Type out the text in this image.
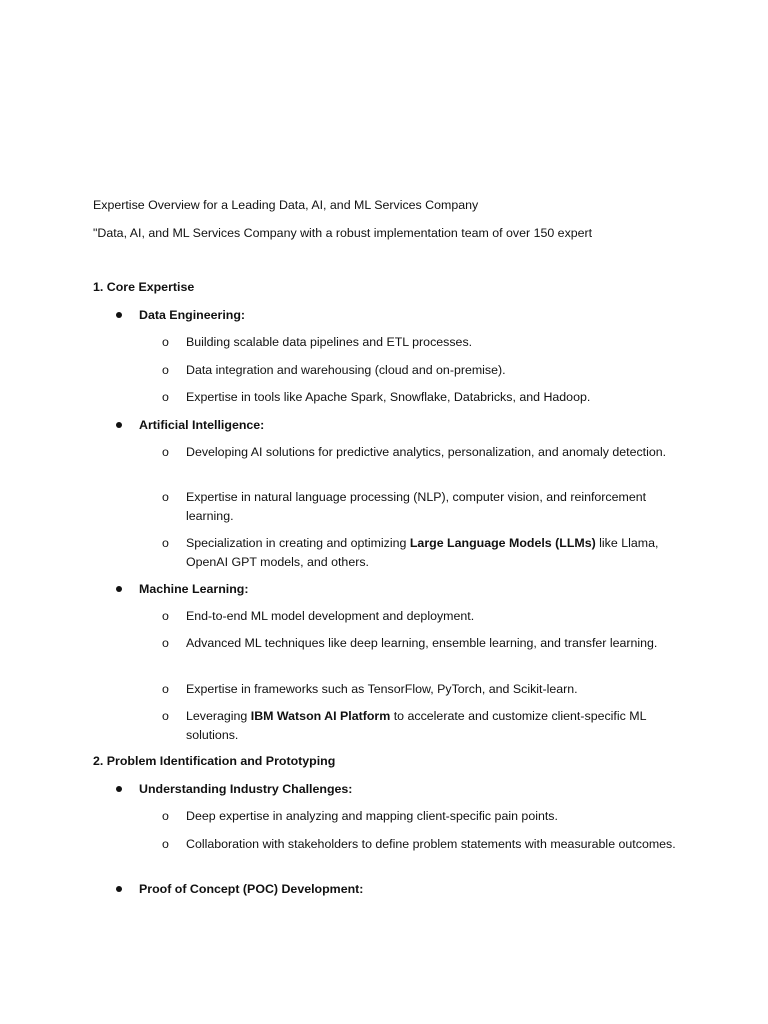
Expertise Overview for a Leading Data, AI, and ML Services Company
"Data, AI, and ML Services Company with a robust implementation team of over 150 expert
1. Core Expertise
Data Engineering:
o Building scalable data pipelines and ETL processes.
o Data integration and warehousing (cloud and on-premise).
o Expertise in tools like Apache Spark, Snowflake, Databricks, and Hadoop.
Artificial Intelligence:
o Developing AI solutions for predictive analytics, personalization, and anomaly detection.
o Expertise in natural language processing (NLP), computer vision, and reinforcement learning.
o Specialization in creating and optimizing Large Language Models (LLMs) like Llama, OpenAI GPT models, and others.
Machine Learning:
o End-to-end ML model development and deployment.
o Advanced ML techniques like deep learning, ensemble learning, and transfer learning.
o Expertise in frameworks such as TensorFlow, PyTorch, and Scikit-learn.
o Leveraging IBM Watson AI Platform to accelerate and customize client-specific ML solutions.
2. Problem Identification and Prototyping
Understanding Industry Challenges:
o Deep expertise in analyzing and mapping client-specific pain points.
o Collaboration with stakeholders to define problem statements with measurable outcomes.
Proof of Concept (POC) Development:
